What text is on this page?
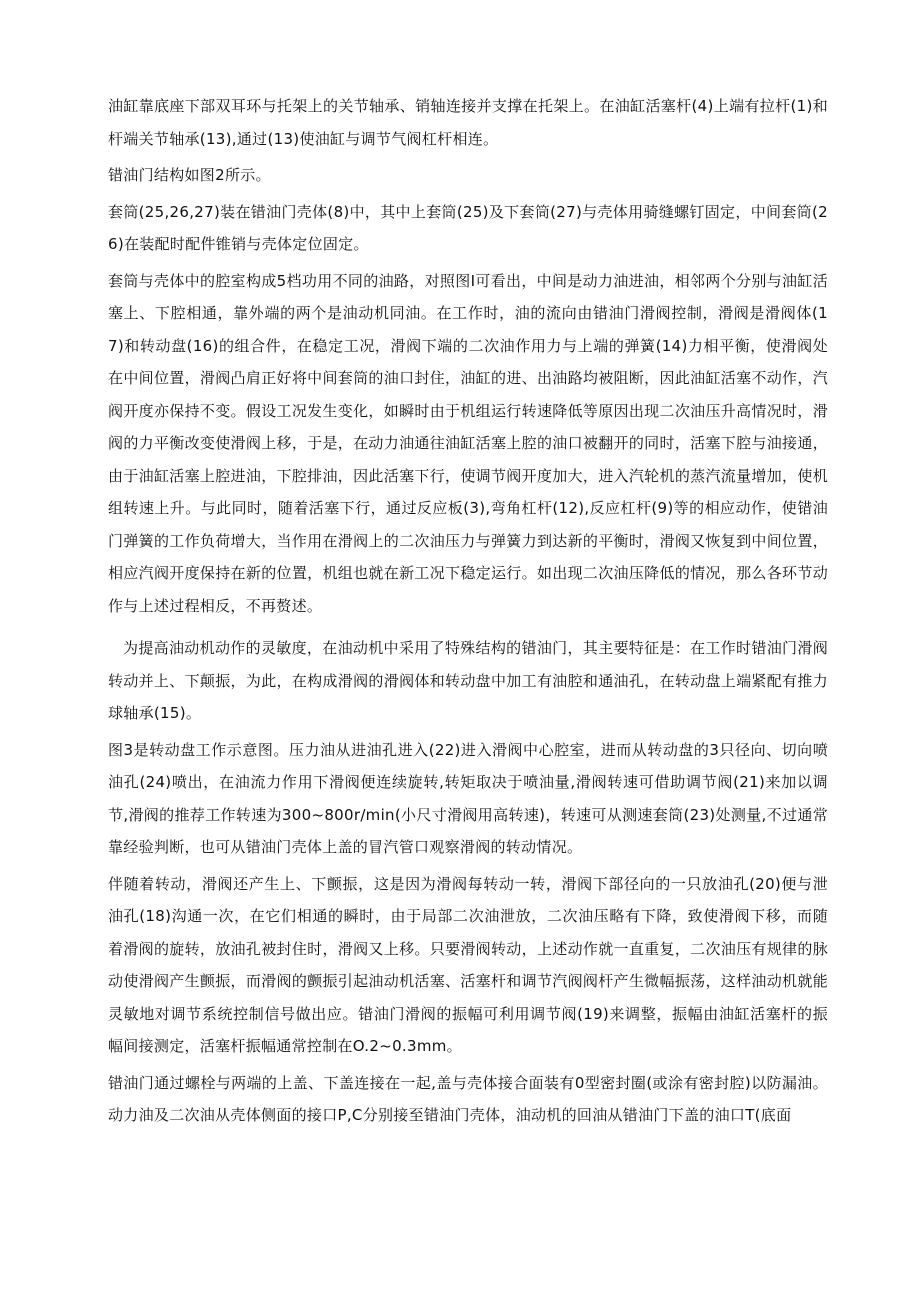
油缸靠底座下部双耳环与托架上的关节轴承、销轴连接并支撑在托架上。在油缸活塞杆(4)上端有拉杆(1)和杆端关节轴承(13),通过(13)使油缸与调节气阀杠杆相连。

错油门结构如图2所示。

套筒(25,26,27)装在错油门壳体(8)中，其中上套筒(25)及下套筒(27)与壳体用骑缝螺钉固定，中间套筒(26)在装配时配件锥销与壳体定位固定。

套筒与壳体中的腔室构成5档功用不同的油路，对照图I可看出，中间是动力油进油，相邻两个分别与油缸活塞上、下腔相通，靠外端的两个是油动机同油。在工作时，油的流向由错油门滑阀控制，滑阀是滑阀体(17)和转动盘(16)的组合件，在稳定工况，滑阀下端的二次油作用力与上端的弹簧(14)力相平衡，使滑阀处在中间位置，滑阀凸肩正好将中间套筒的油口封住，油缸的进、出油路均被阻断，因此油缸活塞不动作，汽阀开度亦保持不变。假设工况发生变化，如瞬时由于机组运行转速降低等原因出现二次油压升高情况时，滑阀的力平衡改变使滑阀上移，于是，在动力油通往油缸活塞上腔的油口被翻开的同时，活塞下腔与油接通，由于油缸活塞上腔进油，下腔排油，因此活塞下行，使调节阀开度加大，进入汽轮机的蒸汽流量增加，使机组转速上升。与此同时，随着活塞下行，通过反应板(3),弯角杠杆(12),反应杠杆(9)等的相应动作，使错油门弹簧的工作负荷增大，当作用在滑阀上的二次油压力与弹簧力到达新的平衡时，滑阀又恢复到中间位置，相应汽阀开度保持在新的位置，机组也就在新工况下稳定运行。如出现二次油压降低的情况，那么各环节动作与上述过程相反，不再赘述。

为提高油动机动作的灵敏度，在油动机中采用了特殊结构的错油门，其主要特征是：在工作时错油门滑阀转动并上、下颠振，为此，在构成滑阀的滑阀体和转动盘中加工有油腔和通油孔，在转动盘上端紧配有推力球轴承(15)。

图3是转动盘工作示意图。压力油从进油孔进入(22)进入滑阀中心腔室，进而从转动盘的3只径向、切向喷油孔(24)喷出，在油流力作用下滑阀便连续旋转,转矩取决于喷油量,滑阀转速可借助调节阀(21)来加以调节,滑阀的推荐工作转速为300~800r/min(小尺寸滑阀用高转速)，转速可从测速套筒(23)处测量,不过通常靠经验判断，也可从错油门壳体上盖的冒汽管口观察滑阀的转动情况。

伴随着转动，滑阀还产生上、下颤振，这是因为滑阀每转动一转，滑阀下部径向的一只放油孔(20)便与泄油孔(18)沟通一次，在它们相通的瞬时，由于局部二次油泄放，二次油压略有下降，致使滑阀下移，而随着滑阀的旋转，放油孔被封住时，滑阀又上移。只要滑阀转动，上述动作就一直重复，二次油压有规律的脉动使滑阀产生颤振，而滑阀的颤振引起油动机活塞、活塞杆和调节汽阀阀杆产生微幅振荡，这样油动机就能灵敏地对调节系统控制信号做出应。错油门滑阀的振幅可利用调节阀(19)来调整，振幅由油缸活塞杆的振幅间接测定，活塞杆振幅通常控制在O.2~0.3mm。

错油门通过螺栓与两端的上盖、下盖连接在一起,盖与壳体接合面装有0型密封圈(或涂有密封腔)以防漏油。动力油及二次油从壳体侧面的接口P,C分别接至错油门壳体，油动机的回油从错油门下盖的油口T(底面
